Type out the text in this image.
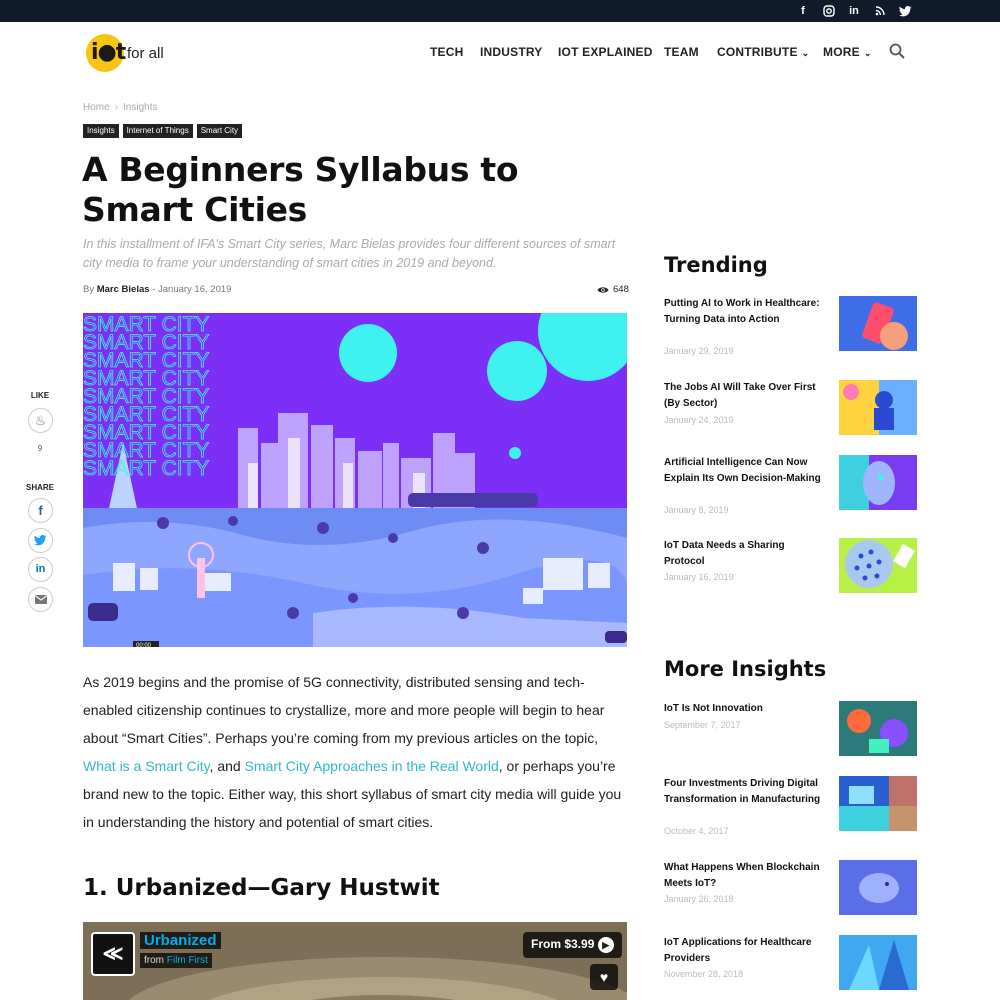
f	in
i●t for all	TECH INDUSTRY IOT EXPLAINED TEAM CONTRIBUTE ⌄ MORE ⌄
Home › Insights
Insights	Internet of Things	Smart City
A Beginners Syllabus to Smart Cities

In this installment of IFA's Smart City series, Marc Bielas provides four different sources of smart city media to frame your understanding of smart cities in 2019 and beyond.

By Marc Bielas - January 16, 2019	648
SMART CITY
SMART CITY
SMART CITY
SMART CITY
SMART CITY
SMART CITY
SMART CITY
SMART CITY
SMART CITY
00:00
LIKE
♨
9
SHARE
f
in

As 2019 begins and the promise of 5G connectivity, distributed sensing and tech-enabled citizenship continues to crystallize, more and more people will begin to hear about “Smart Cities”. Perhaps you’re coming from my previous articles on the topic, What is a Smart City, and Smart City Approaches in the Real World, or perhaps you’re brand new to the topic. Either way, this short syllabus of smart city media will guide you in understanding the history and potential of smart cities.

1. Urbanized—Gary Hustwit
≪
Urbanized
from Film First
From $3.99 ▶
♥
Trending
Putting AI to Work in Healthcare: Turning Data into Action
January 29, 2019
The Jobs AI Will Take Over First (By Sector)
January 24, 2019
Artificial Intelligence Can Now Explain Its Own Decision-Making
January 8, 2019
IoT Data Needs a Sharing Protocol
January 16, 2019
More Insights
IoT Is Not Innovation
September 7, 2017
Four Investments Driving Digital Transformation in Manufacturing
October 4, 2017
What Happens When Blockchain Meets IoT?
January 26, 2018
IoT Applications for Healthcare Providers
November 28, 2018
